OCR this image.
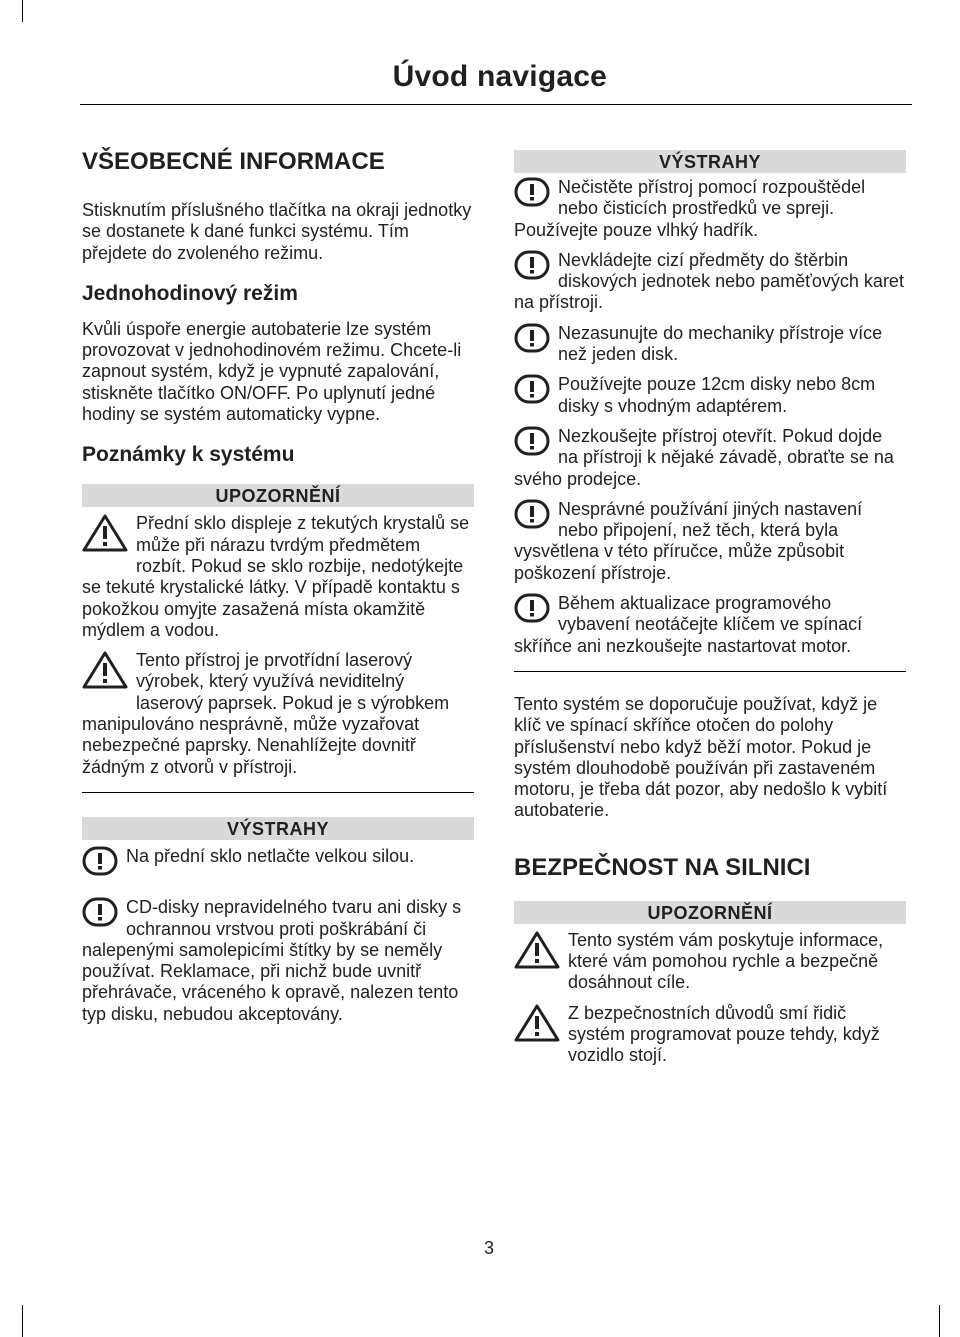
Úvod navigace
VŠEOBECNÉ INFORMACE

Stisknutím příslušného tlačítka na okraji jednotky se dostanete k dané funkci systému. Tím přejdete do zvoleného režimu.

Jednohodinový režim

Kvůli úspoře energie autobaterie lze systém provozovat v jednohodinovém režimu. Chcete-li zapnout systém, když je vypnuté zapalování, stiskněte tlačítko ON/OFF. Po uplynutí jedné hodiny se systém automaticky vypne.

Poznámky k systému
UPOZORNĚNÍ

Přední sklo displeje z tekutých krystalů se může při nárazu tvrdým předmětem rozbít. Pokud se sklo rozbije, nedotýkejte se tekuté krystalické látky. V případě kontaktu s pokožkou omyjte zasažená místa okamžitě mýdlem a vodou.

Tento přístroj je prvotřídní laserový výrobek, který využívá neviditelný laserový paprsek. Pokud je s výrobkem manipulováno nesprávně, může vyzařovat nebezpečné paprsky. Nenahlížejte dovnitř žádným z otvorů v přístroji.

VÝSTRAHY

Na přední sklo netlačte velkou silou.

CD-disky nepravidelného tvaru ani disky s ochrannou vrstvou proti poškrábání či nalepenými samolepicími štítky by se neměly používat. Reklamace, při nichž bude uvnitř přehrávače, vráceného k opravě, nalezen tento typ disku, nebudou akceptovány.

VÝSTRAHY

Nečistěte přístroj pomocí rozpouštědel nebo čisticích prostředků ve spreji. Používejte pouze vlhký hadřík.

Nevkládejte cizí předměty do štěrbin diskových jednotek nebo paměťových karet na přístroji.

Nezasunujte do mechaniky přístroje více než jeden disk.

Používejte pouze 12cm disky nebo 8cm disky s vhodným adaptérem.

Nezkoušejte přístroj otevřít. Pokud dojde na přístroji k nějaké závadě, obraťte se na svého prodejce.

Nesprávné používání jiných nastavení nebo připojení, než těch, která byla vysvětlena v této příručce, může způsobit poškození přístroje.

Během aktualizace programového vybavení neotáčejte klíčem ve spínací skříňce ani nezkoušejte nastartovat motor.

Tento systém se doporučuje používat, když je klíč ve spínací skříňce otočen do polohy příslušenství nebo když běží motor. Pokud je systém dlouhodobě používán při zastaveném motoru, je třeba dát pozor, aby nedošlo k vybití autobaterie.

BEZPEČNOST NA SILNICI
UPOZORNĚNÍ

Tento systém vám poskytuje informace, které vám pomohou rychle a bezpečně dosáhnout cíle.

Z bezpečnostních důvodů smí řidič systém programovat pouze tehdy, když vozidlo stojí.

3
